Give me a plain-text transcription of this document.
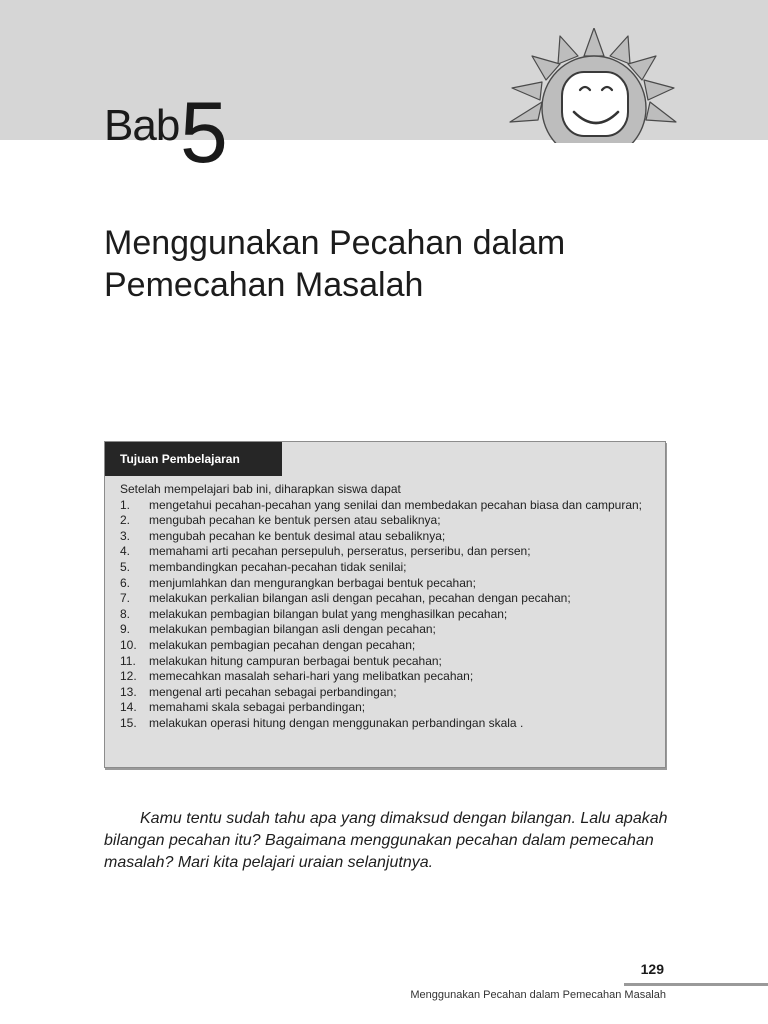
Bab 5
Menggunakan Pecahan dalam
Pemecahan Masalah
Tujuan Pembelajaran
Setelah mempelajari bab ini, diharapkan siswa dapat
1.	mengetahui pecahan-pecahan yang senilai dan membedakan pecahan biasa dan campuran;
2.	mengubah pecahan ke bentuk persen atau sebaliknya;
3.	mengubah pecahan ke bentuk desimal atau sebaliknya;
4.	memahami arti pecahan persepuluh, perseratus, perseribu, dan persen;
5.	membandingkan pecahan-pecahan tidak senilai;
6.	menjumlahkan dan mengurangkan berbagai bentuk pecahan;
7.	melakukan perkalian bilangan asli dengan pecahan, pecahan dengan pecahan;
8.	melakukan pembagian bilangan bulat yang menghasilkan pecahan;
9.	melakukan pembagian bilangan asli dengan pecahan;
10.	melakukan pembagian pecahan dengan pecahan;
11.	melakukan hitung campuran berbagai bentuk pecahan;
12.	memecahkan masalah sehari-hari yang melibatkan pecahan;
13.	mengenal arti pecahan sebagai perbandingan;
14.	memahami skala sebagai perbandingan;
15.	melakukan operasi hitung dengan menggunakan perbandingan skala .

Kamu tentu sudah tahu apa yang dimaksud dengan bilangan. Lalu apakah bilangan pecahan itu? Bagaimana menggunakan pecahan dalam pemecahan masalah? Mari kita pelajari uraian selanjutnya.

129
Menggunakan Pecahan dalam Pemecahan Masalah
